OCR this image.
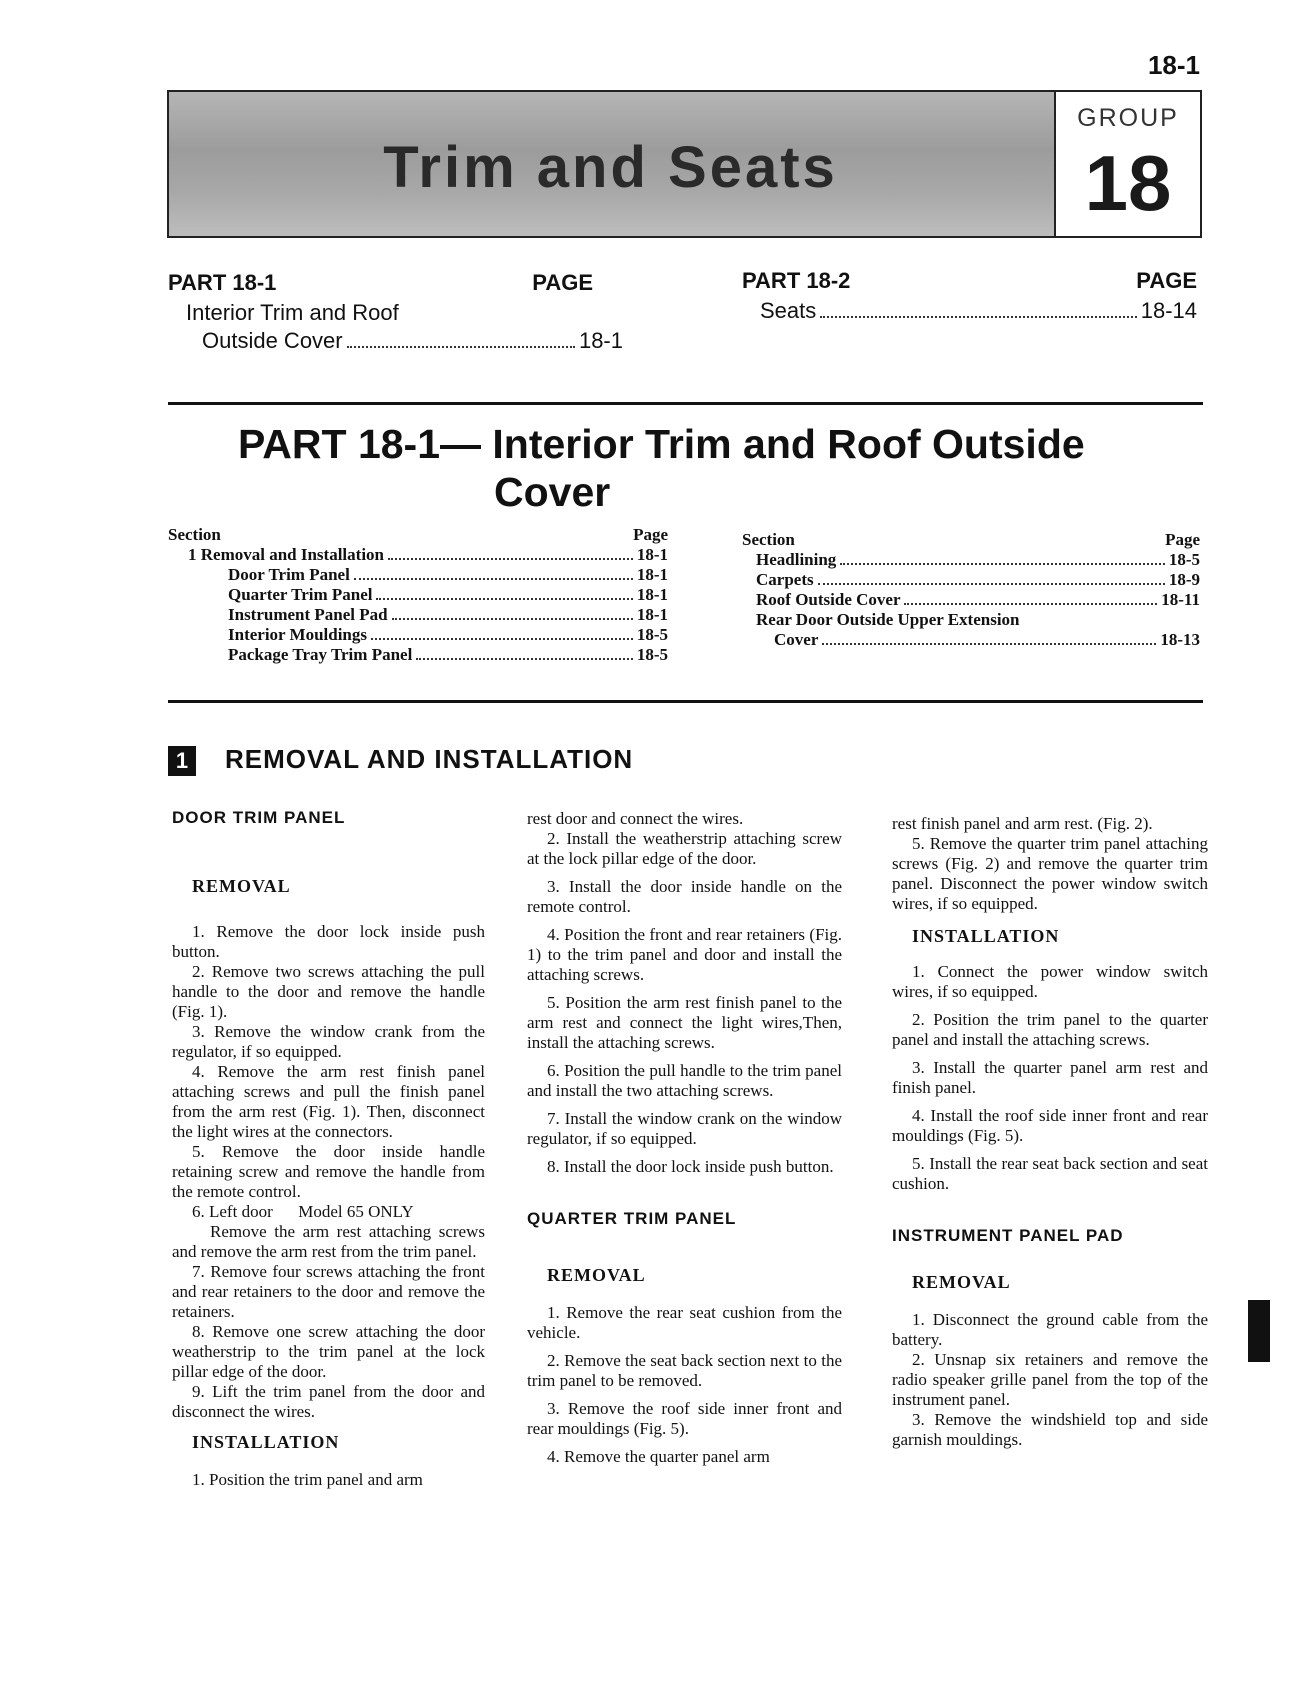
18-1
Trim and Seats
GROUP
18
PART 18-1	PAGE
Interior Trim and Roof
Outside Cover	18-1
PART 18-2	PAGE
Seats	18-14
PART 18-1— Interior Trim and Roof Outside
Cover
Section	Page
1 Removal and Installation	18-1
Door Trim Panel	18-1
Quarter Trim Panel	18-1
Instrument Panel Pad	18-1
Interior Mouldings	18-5
Package Tray Trim Panel	18-5
Section	Page
Headlining	18-5
Carpets	18-9
Roof Outside Cover	18-11
Rear Door Outside Upper Extension
Cover	18-13
1	REMOVAL AND INSTALLATION

DOOR TRIM PANEL

REMOVAL

1. Remove the door lock inside push button.

2. Remove two screws attaching the pull handle to the door and remove the handle (Fig. 1).

3. Remove the window crank from the regulator, if so equipped.

4. Remove the arm rest finish panel attaching screws and pull the finish panel from the arm rest (Fig. 1). Then, disconnect the light wires at the connectors.

5. Remove the door inside handle retaining screw and remove the handle from the remote control.

6. Left door      Model 65 ONLY

Remove the arm rest attaching screws and remove the arm rest from the trim panel.

7. Remove four screws attaching the front and rear retainers to the door and remove the retainers.

8. Remove one screw attaching the door weatherstrip to the trim panel at the lock pillar edge of the door.

9. Lift the trim panel from the door and disconnect the wires.

INSTALLATION

1. Position the trim panel and arm

rest door and connect the wires.

2. Install the weatherstrip attaching screw at the lock pillar edge of the door.

3. Install the door inside handle on the remote control.

4. Position the front and rear retainers (Fig. 1) to the trim panel and door and install the attaching screws.

5. Position the arm rest finish panel to the arm rest and connect the light wires,Then, install the attaching screws.

6. Position the pull handle to the trim panel and install the two attaching screws.

7. Install the window crank on the window regulator, if so equipped.

8. Install the door lock inside push button.

QUARTER TRIM PANEL

REMOVAL

1. Remove the rear seat cushion from the vehicle.

2. Remove the seat back section next to the trim panel to be removed.

3. Remove the roof side inner front and rear mouldings (Fig. 5).

4. Remove the quarter panel arm

rest finish panel and arm rest. (Fig. 2).

5. Remove the quarter trim panel attaching screws (Fig. 2) and remove the quarter trim panel. Disconnect the power window switch wires, if so equipped.

INSTALLATION

1. Connect the power window switch wires, if so equipped.

2. Position the trim panel to the quarter panel and install the attaching screws.

3. Install the quarter panel arm rest and finish panel.

4. Install the roof side inner front and rear mouldings (Fig. 5).

5. Install the rear seat back section and seat cushion.

INSTRUMENT PANEL PAD

REMOVAL

1. Disconnect the ground cable from the battery.

2. Unsnap six retainers and remove the radio speaker grille panel from the top of the instrument panel.

3. Remove the windshield top and side garnish mouldings.
